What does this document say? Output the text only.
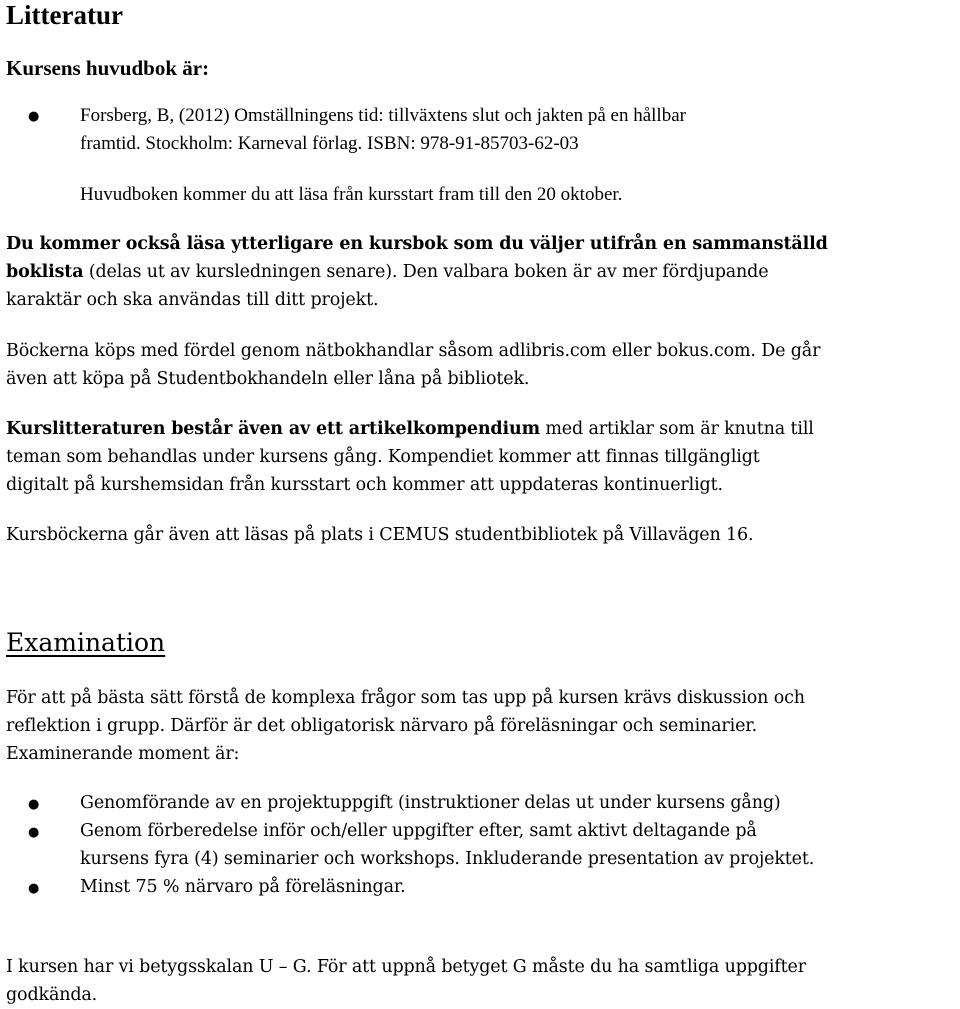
Litteratur
Kursens huvudbok är:
● Forsberg, B, (2012) Omställningens tid: tillväxtens slut och jakten på en hållbar
framtid. Stockholm: Karneval förlag. ISBN: 978-91-85703-62-03
Huvudboken kommer du att läsa från kursstart fram till den 20 oktober.
Du kommer också läsa ytterligare en kursbok som du väljer utifrån en sammanställd
boklista (delas ut av kursledningen senare). Den valbara boken är av mer fördjupande
karaktär och ska användas till ditt projekt.
Böckerna köps med fördel genom nätbokhandlar såsom adlibris.com eller bokus.com. De går
även att köpa på Studentbokhandeln eller låna på bibliotek.
Kurslitteraturen består även av ett artikelkompendium med artiklar som är knutna till
teman som behandlas under kursens gång. Kompendiet kommer att finnas tillgängligt
digitalt på kurshemsidan från kursstart och kommer att uppdateras kontinuerligt.
Kursböckerna går även att läsas på plats i CEMUS studentbibliotek på Villavägen 16.
Examination
För att på bästa sätt förstå de komplexa frågor som tas upp på kursen krävs diskussion och
reflektion i grupp. Därför är det obligatorisk närvaro på föreläsningar och seminarier.
Examinerande moment är:
● Genomförande av en projektuppgift (instruktioner delas ut under kursens gång)
● Genom förberedelse inför och/eller uppgifter efter, samt aktivt deltagande på
kursens fyra (4) seminarier och workshops. Inkluderande presentation av projektet.
● Minst 75 % närvaro på föreläsningar.
I kursen har vi betygsskalan U – G. För att uppnå betyget G måste du ha samtliga uppgifter
godkända.
